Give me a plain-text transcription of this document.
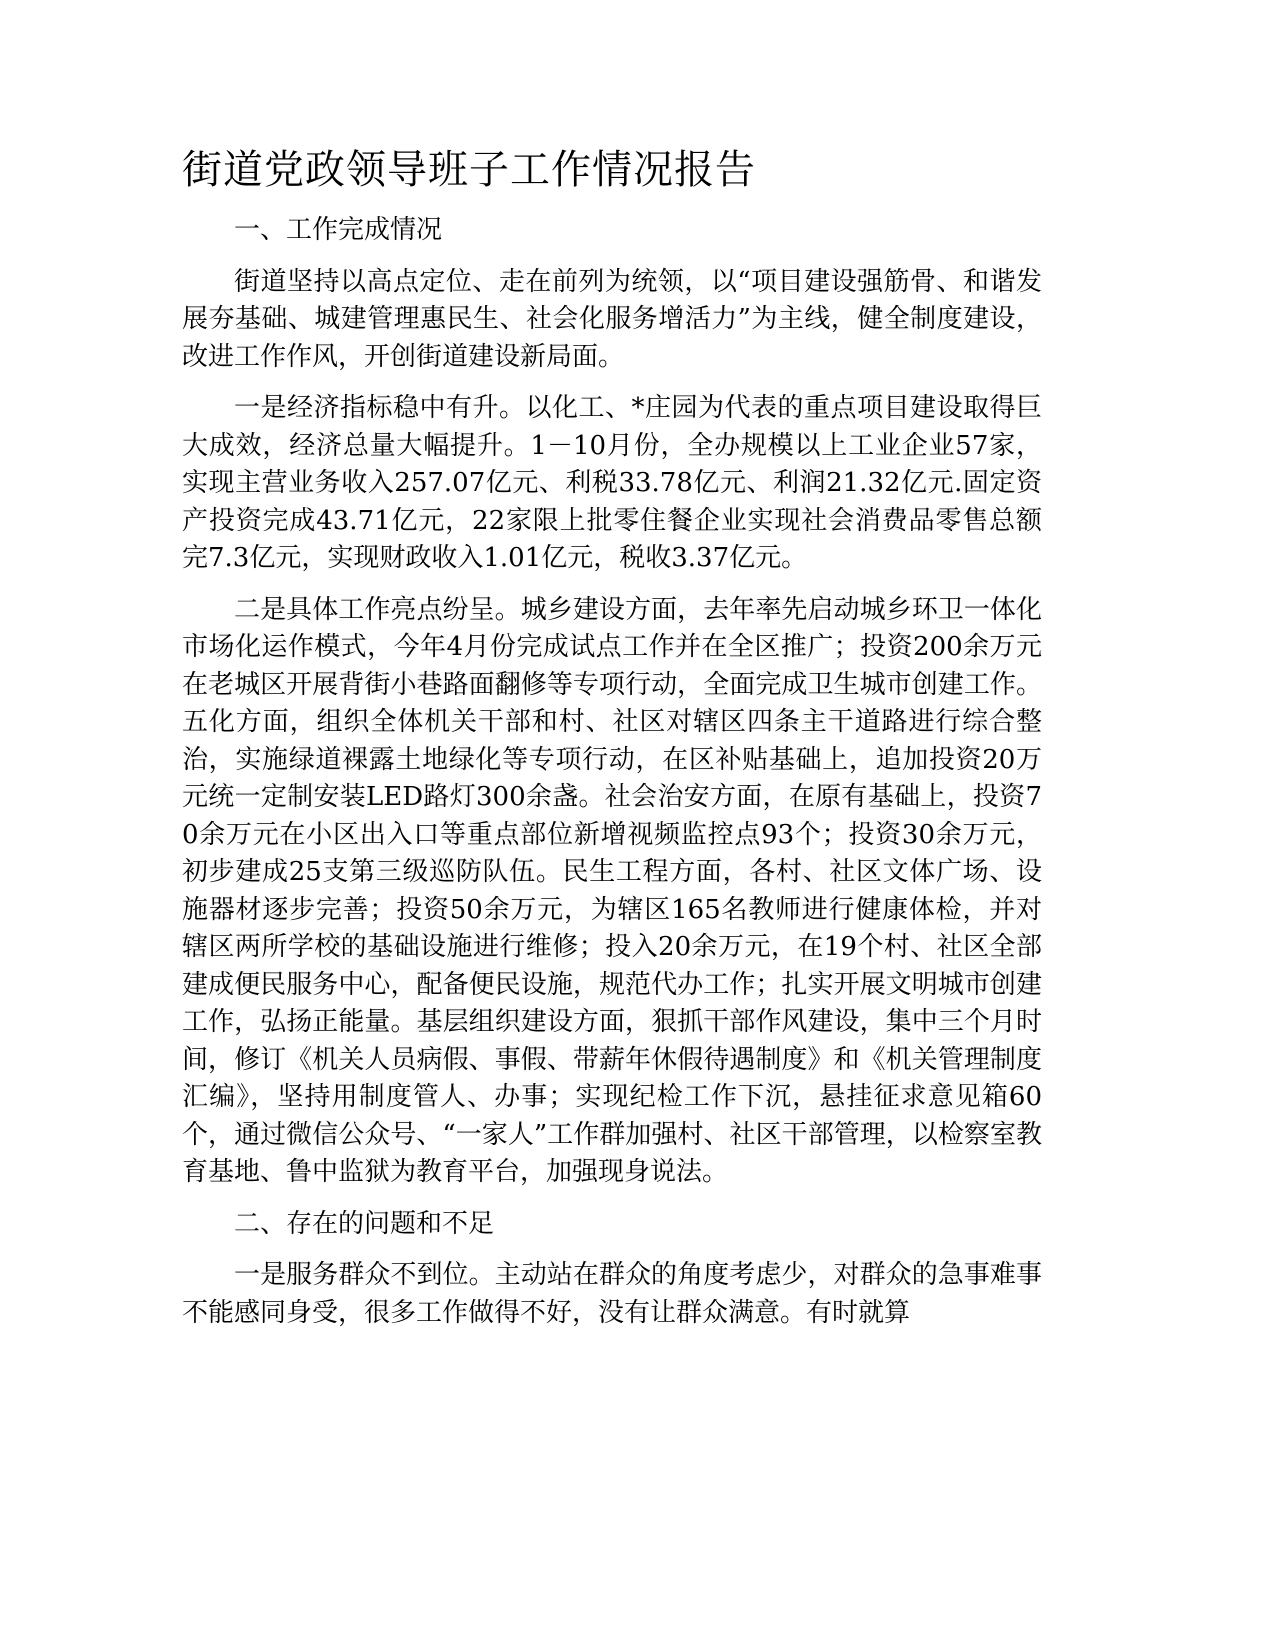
街道党政领导班子工作情况报告

一、工作完成情况

街道坚持以高点定位、走在前列为统领，以“项目建设强筋骨、和谐发展夯基础、城建管理惠民生、社会化服务增活力”为主线，健全制度建设，改进工作作风，开创街道建设新局面。

一是经济指标稳中有升。以化工、*庄园为代表的重点项目建设取得巨大成效，经济总量大幅提升。1－10月份，全办规模以上工业企业57家，实现主营业务收入257.07亿元、利税33.78亿元、利润21.32亿元.固定资产投资完成43.71亿元，22家限上批零住餐企业实现社会消费品零售总额完7.3亿元，实现财政收入1.01亿元，税收3.37亿元。

二是具体工作亮点纷呈。城乡建设方面，去年率先启动城乡环卫一体化市场化运作模式，今年4月份完成试点工作并在全区推广；投资200余万元在老城区开展背街小巷路面翻修等专项行动，全面完成卫生城市创建工作。五化方面，组织全体机关干部和村、社区对辖区四条主干道路进行综合整治，实施绿道裸露土地绿化等专项行动，在区补贴基础上，追加投资20万元统一定制安装LED路灯300余盏。社会治安方面，在原有基础上，投资70余万元在小区出入口等重点部位新增视频监控点93个；投资30余万元，初步建成25支第三级巡防队伍。民生工程方面，各村、社区文体广场、设施器材逐步完善；投资50余万元，为辖区165名教师进行健康体检，并对辖区两所学校的基础设施进行维修；投入20余万元，在19个村、社区全部建成便民服务中心，配备便民设施，规范代办工作；扎实开展文明城市创建工作，弘扬正能量。基层组织建设方面，狠抓干部作风建设，集中三个月时间，修订《机关人员病假、事假、带薪年休假待遇制度》和《机关管理制度汇编》，坚持用制度管人、办事；实现纪检工作下沉，悬挂征求意见箱60个，通过微信公众号、“一家人”工作群加强村、社区干部管理，以检察室教育基地、鲁中监狱为教育平台，加强现身说法。

二、存在的问题和不足

一是服务群众不到位。主动站在群众的角度考虑少，对群众的急事难事不能感同身受，很多工作做得不好，没有让群众满意。有时就算
